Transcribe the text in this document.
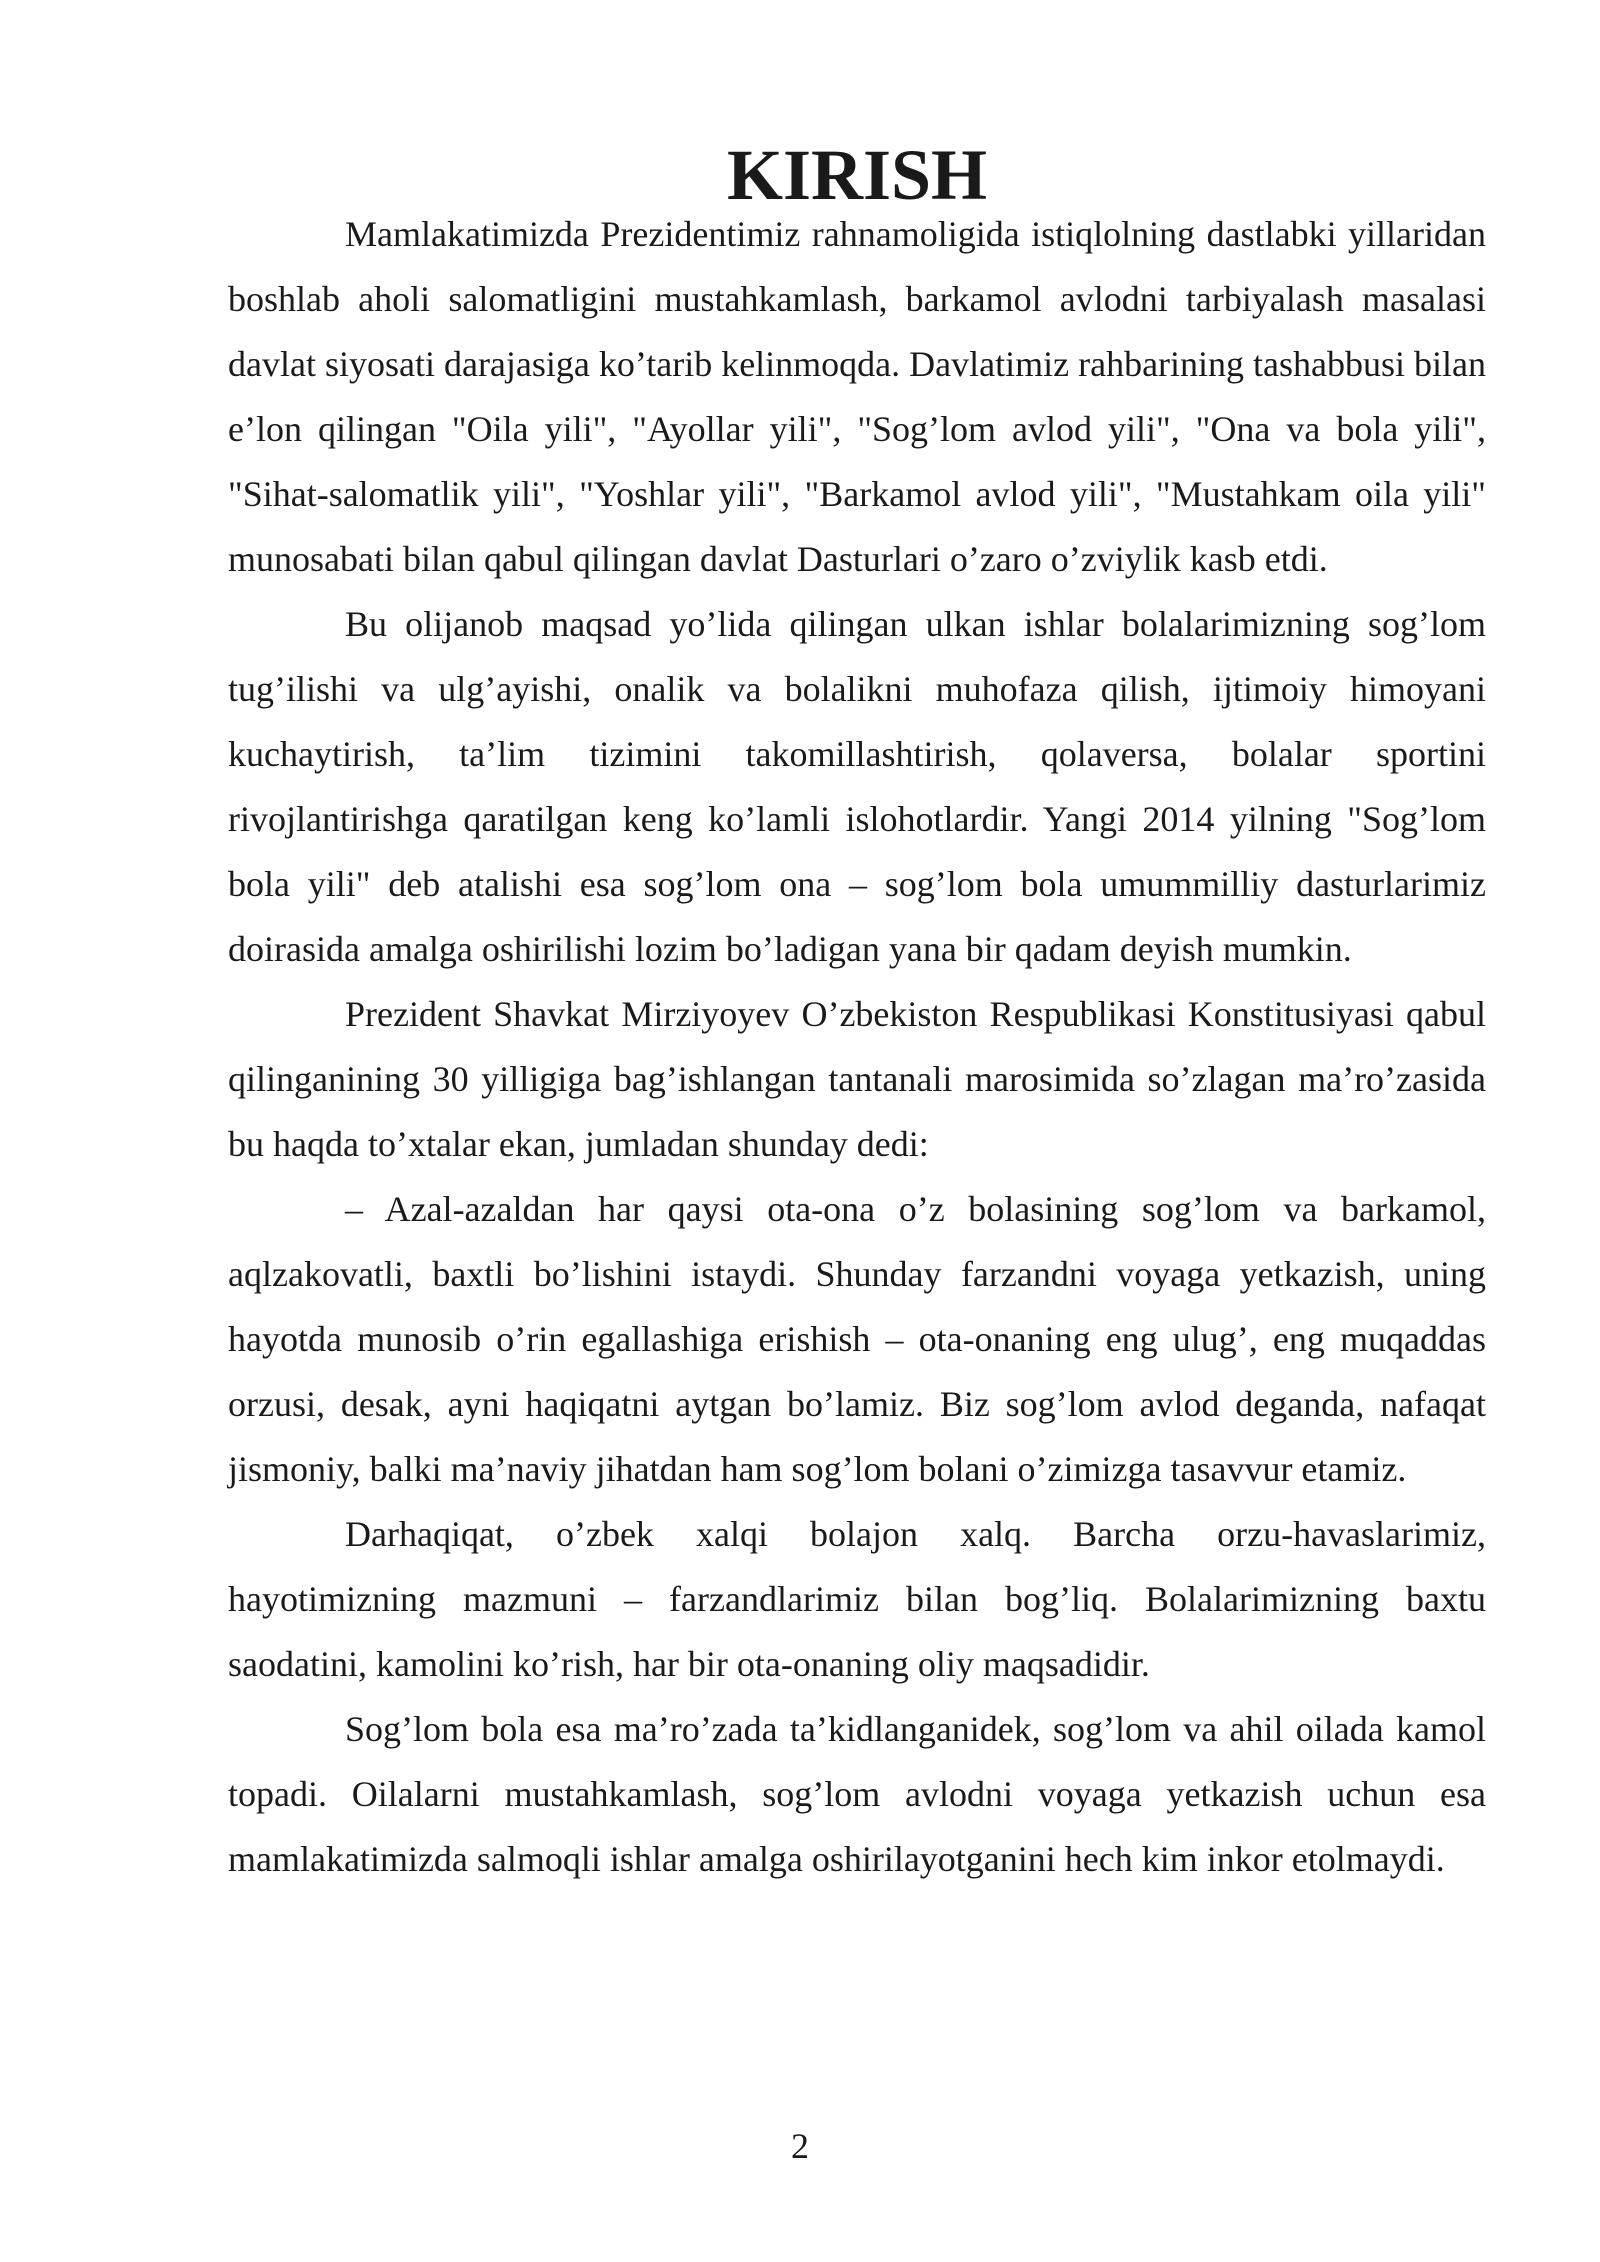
KIRISH

Mamlakatimizda Prezidentimiz rahnamoligida istiqlolning dastlabki yillaridan boshlab aholi salomatligini mustahkamlash, barkamol avlodni tarbiyalash masalasi davlat siyosati darajasiga ko’tarib kelinmoqda. Davlatimiz rahbarining tashabbusi bilan e’lon qilingan "Oila yili", "Ayollar yili", "Sog’lom avlod yili", "Ona va bola yili", "Sihat-salomatlik yili", "Yoshlar yili", "Barkamol avlod yili", "Mustahkam oila yili" munosabati bilan qabul qilingan davlat Dasturlari o’zaro o’zviylik kasb etdi.

Bu olijanob maqsad yo’lida qilingan ulkan ishlar bolalarimizning sog’lom tug’ilishi va ulg’ayishi, onalik va bolalikni muhofaza qilish, ijtimoiy himoyani kuchaytirish, ta’lim tizimini takomillashtirish, qolaversa, bolalar sportini rivojlantirishga qaratilgan keng ko’lamli islohotlardir. Yangi 2014 yilning "Sog’lom bola yili" deb atalishi esa sog’lom ona – sog’lom bola umummilliy dasturlarimiz doirasida amalga oshirilishi lozim bo’ladigan yana bir qadam deyish mumkin.

Prezident Shavkat Mirziyoyev O’zbekiston Respublikasi Konstitusiyasi qabul qilinganining 30 yilligiga bag’ishlangan tantanali marosimida so’zlagan ma’ro’zasida bu haqda to’xtalar ekan, jumladan shunday dedi:

– Azal-azaldan har qaysi ota-ona o’z bolasining sog’lom va barkamol, aqlzakovatli, baxtli bo’lishini istaydi. Shunday farzandni voyaga yetkazish, uning hayotda munosib o’rin egallashiga erishish – ota-onaning eng ulug’, eng muqaddas orzusi, desak, ayni haqiqatni aytgan bo’lamiz. Biz sog’lom avlod deganda, nafaqat jismoniy, balki ma’naviy jihatdan ham sog’lom bolani o’zimizga tasavvur etamiz.

Darhaqiqat, o’zbek xalqi bolajon xalq. Barcha orzu-havaslarimiz, hayotimizning mazmuni – farzandlarimiz bilan bog’liq. Bolalarimizning baxtu saodatini, kamolini ko’rish, har bir ota-onaning oliy maqsadidir.

Sog’lom bola esa ma’ro’zada ta’kidlanganidek, sog’lom va ahil oilada kamol topadi. Oilalarni mustahkamlash, sog’lom avlodni voyaga yetkazish uchun esa mamlakatimizda salmoqli ishlar amalga oshirilayotganini hech kim inkor etolmaydi.

2
